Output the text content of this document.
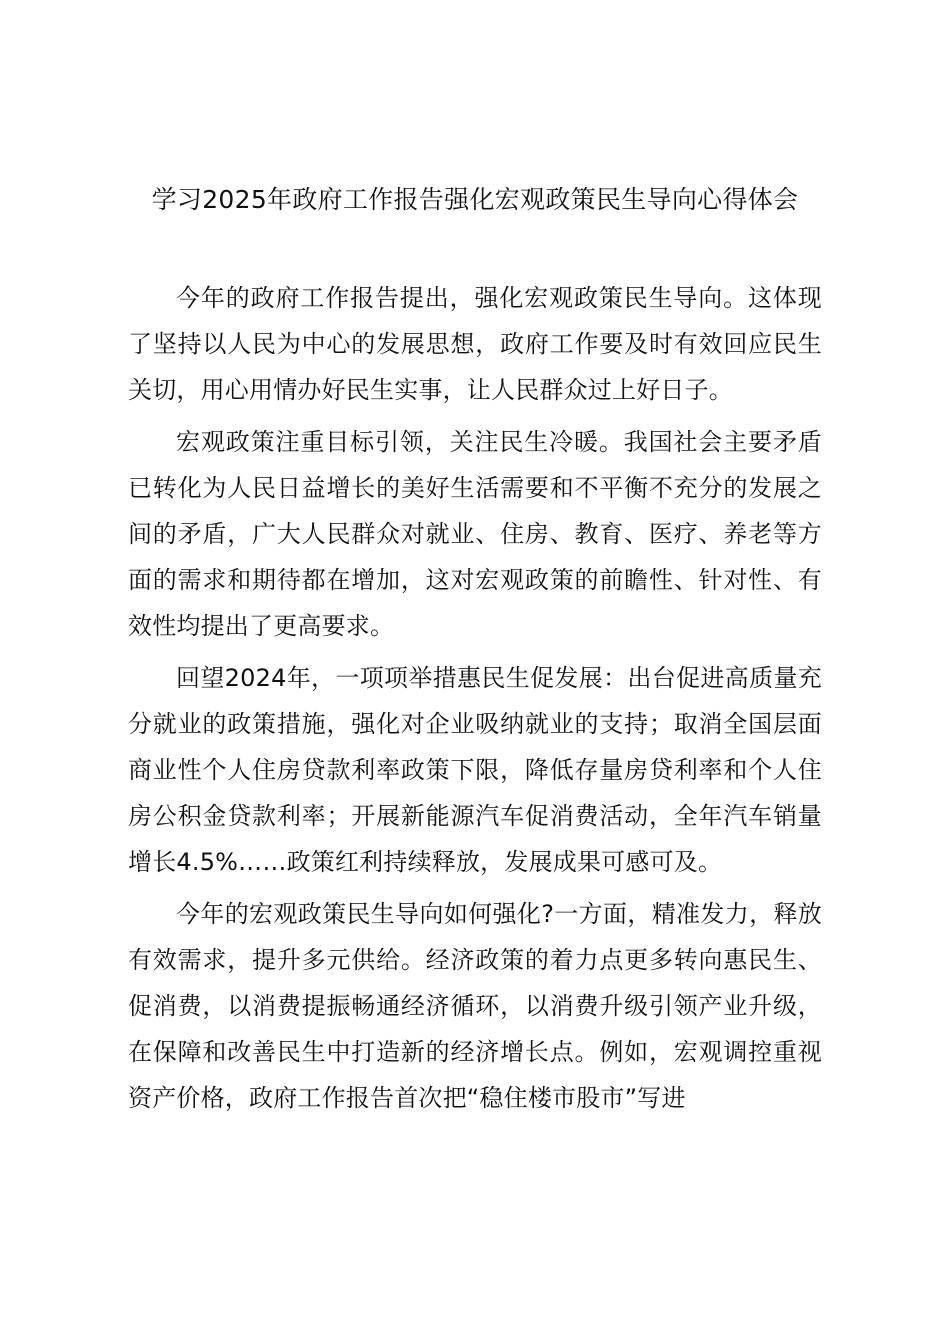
学习2025年政府工作报告强化宏观政策民生导向心得体会

今年的政府工作报告提出，强化宏观政策民生导向。这体现了坚持以人民为中心的发展思想，政府工作要及时有效回应民生关切，用心用情办好民生实事，让人民群众过上好日子。

宏观政策注重目标引领，关注民生冷暖。我国社会主要矛盾已转化为人民日益增长的美好生活需要和不平衡不充分的发展之间的矛盾，广大人民群众对就业、住房、教育、医疗、养老等方面的需求和期待都在增加，这对宏观政策的前瞻性、针对性、有效性均提出了更高要求。

回望2024年，一项项举措惠民生促发展：出台促进高质量充分就业的政策措施，强化对企业吸纳就业的支持；取消全国层面商业性个人住房贷款利率政策下限，降低存量房贷利率和个人住房公积金贷款利率；开展新能源汽车促消费活动，全年汽车销量增长4.5%……政策红利持续释放，发展成果可感可及。

今年的宏观政策民生导向如何强化?一方面，精准发力，释放有效需求，提升多元供给。经济政策的着力点更多转向惠民生、促消费，以消费提振畅通经济循环，以消费升级引领产业升级，在保障和改善民生中打造新的经济增长点。例如，宏观调控重视资产价格，政府工作报告首次把“稳住楼市股市”写进
